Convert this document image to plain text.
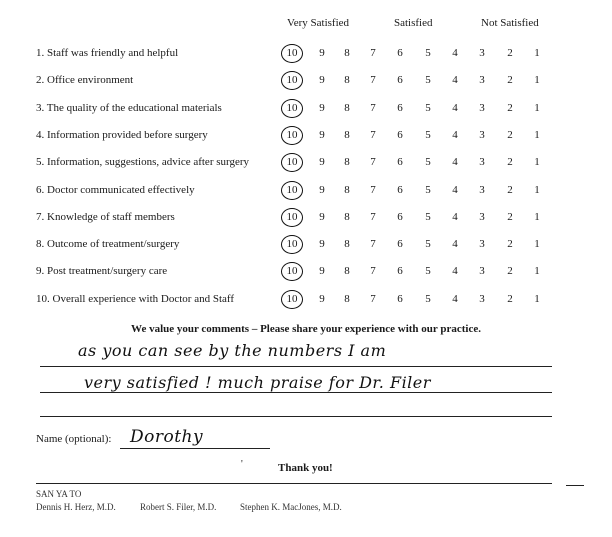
Very Satisfied	Satisfied	Not Satisfied
1. Staff was friendly and helpful	10	9	8	7	6	5	4	3	2	1
2. Office environment	10	9	8	7	6	5	4	3	2	1
3. The quality of the educational materials	10	9	8	7	6	5	4	3	2	1
4. Information provided before surgery	10	9	8	7	6	5	4	3	2	1
5. Information, suggestions, advice after surgery	10	9	8	7	6	5	4	3	2	1
6. Doctor communicated effectively	10	9	8	7	6	5	4	3	2	1
7. Knowledge of staff members	10	9	8	7	6	5	4	3	2	1
8. Outcome of treatment/surgery	10	9	8	7	6	5	4	3	2	1
9. Post treatment/surgery care	10	9	8	7	6	5	4	3	2	1
10. Overall experience with Doctor and Staff	10	9	8	7	6	5	4	3	2	1
We value your comments – Please share your experience with our practice.
as you can see by the numbers I am
very satisfied ! much praise for Dr. Filer
Name (optional): Dorothy
'	Thank you!
SAN YA TO
Dennis H. Herz, M.D.	Robert S. Filer, M.D.	Stephen K. MacJones, M.D.
